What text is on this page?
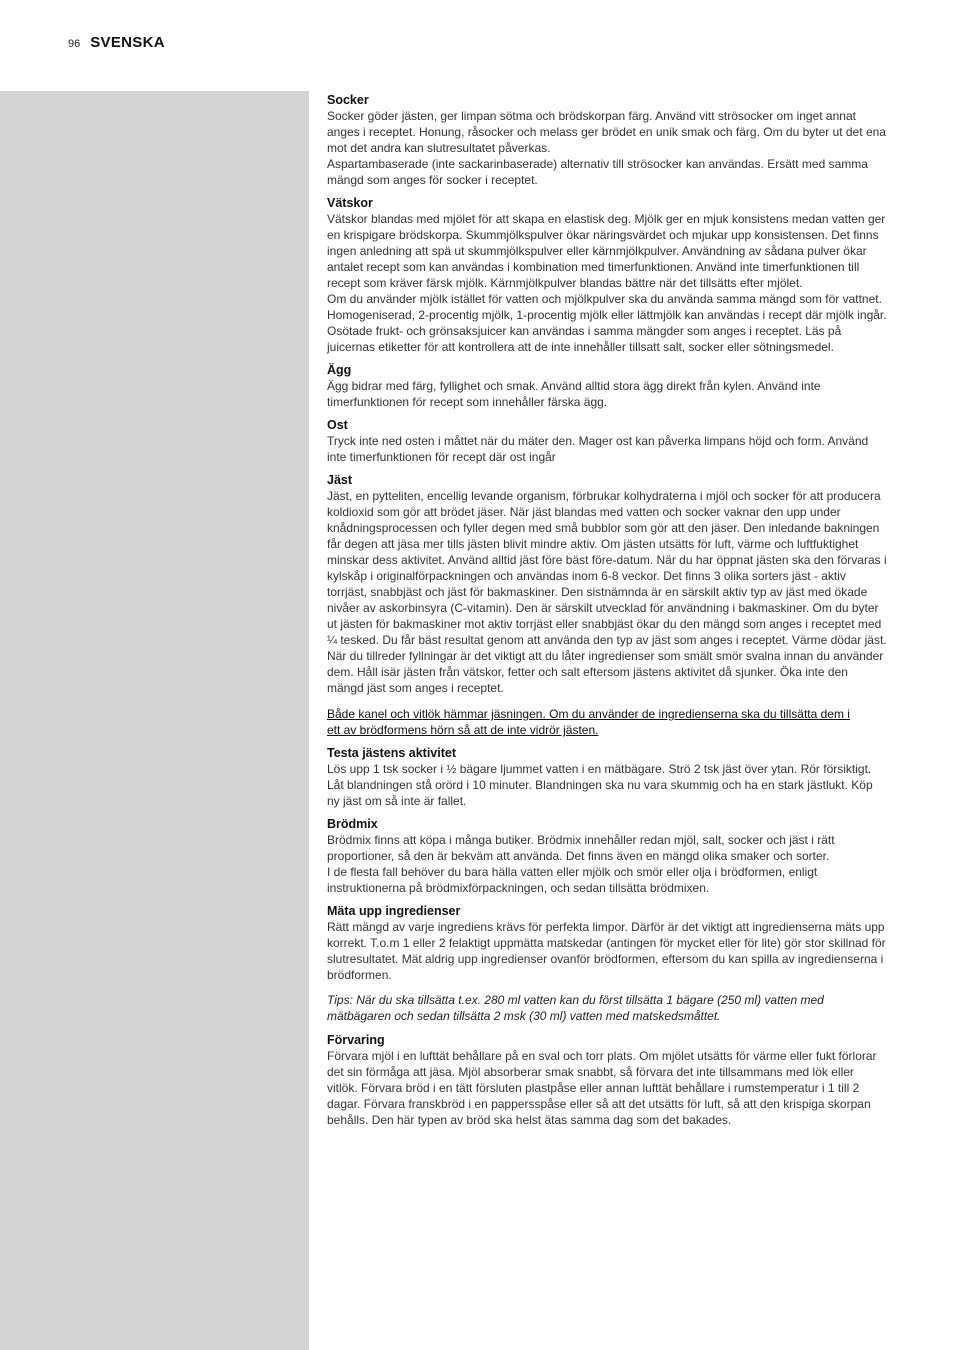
96 SVENSKA
Socker

Socker göder jästen, ger limpan sötma och brödskorpan färg. Använd vitt strösocker om inget annat anges i receptet. Honung, råsocker och melass ger brödet en unik smak och färg. Om du byter ut det ena mot det andra kan slutresultatet påverkas.

Aspartambaserade (inte sackarinbaserade) alternativ till strösocker kan användas. Ersätt med samma mängd som anges för socker i receptet.

Vätskor

Vätskor blandas med mjölet för att skapa en elastisk deg. Mjölk ger en mjuk konsistens medan vatten ger en krispigare brödskorpa. Skummjölkspulver ökar näringsvärdet och mjukar upp konsistensen. Det finns ingen anledning att spä ut skummjölkspulver eller kärnmjölkpulver. Användning av sådana pulver ökar antalet recept som kan användas i kombination med timerfunktionen. Använd inte timerfunktionen till recept som kräver färsk mjölk. Kärnmjölkpulver blandas bättre när det tillsätts efter mjölet.

Om du använder mjölk istället för vatten och mjölkpulver ska du använda samma mängd som för vattnet. Homogeniserad, 2-procentig mjölk, 1-procentig mjölk eller lättmjölk kan användas i recept där mjölk ingår. Osötade frukt- och grönsaksjuicer kan användas i samma mängder som anges i receptet. Läs på juicernas etiketter för att kontrollera att de inte innehåller tillsatt salt, socker eller sötningsmedel.

Ägg

Ägg bidrar med färg, fyllighet och smak. Använd alltid stora ägg direkt från kylen. Använd inte timerfunktionen för recept som innehåller färska ägg.

Ost

Tryck inte ned osten i måttet när du mäter den. Mager ost kan påverka limpans höjd och form. Använd inte timerfunktionen för recept där ost ingår

Jäst

Jäst, en pytteliten, encellig levande organism, förbrukar kolhydraterna i mjöl och socker för att producera koldioxid som gör att brödet jäser. När jäst blandas med vatten och socker vaknar den upp under knådningsprocessen och fyller degen med små bubblor som gör att den jäser. Den inledande bakningen får degen att jäsa mer tills jästen blivit mindre aktiv. Om jästen utsätts för luft, värme och luftfuktighet minskar dess aktivitet. Använd alltid jäst före bäst före-datum. När du har öppnat jästen ska den förvaras i kylskåp i originalförpackningen och användas inom 6-8 veckor. Det finns 3 olika sorters jäst - aktiv torrjäst, snabbjäst och jäst för bakmaskiner. Den sistnämnda är en särskilt aktiv typ av jäst med ökade nivåer av askorbinsyra (C-vitamin). Den är särskilt utvecklad för användning i bakmaskiner. Om du byter ut jästen för bakmaskiner mot aktiv torrjäst eller snabbjäst ökar du den mängd som anges i receptet med ¼ tesked. Du får bäst resultat genom att använda den typ av jäst som anges i receptet. Värme dödar jäst. När du tillreder fyllningar är det viktigt att du låter ingredienser som smält smör svalna innan du använder dem. Håll isär jästen från vätskor, fetter och salt eftersom jästens aktivitet då sjunker. Öka inte den mängd jäst som anges i receptet.

Både kanel och vitlök hämmar jäsningen. Om du använder de ingredienserna ska du tillsätta dem i ett av brödformens hörn så att de inte vidrör jästen.

Testa jästens aktivitet

Lös upp 1 tsk socker i ½ bägare ljummet vatten i en mätbägare. Strö 2 tsk jäst över ytan. Rör försiktigt. Låt blandningen stå orörd i 10 minuter. Blandningen ska nu vara skummig och ha en stark jästlukt. Köp ny jäst om så inte är fallet.

Brödmix

Brödmix finns att köpa i många butiker. Brödmix innehåller redan mjöl, salt, socker och jäst i rätt proportioner, så den är bekväm att använda. Det finns även en mängd olika smaker och sorter.

I de flesta fall behöver du bara hälla vatten eller mjölk och smör eller olja i brödformen, enligt instruktionerna på brödmixförpackningen, och sedan tillsätta brödmixen.

Mäta upp ingredienser

Rätt mängd av varje ingrediens krävs för perfekta limpor. Därför är det viktigt att ingredienserna mäts upp korrekt. T.o.m 1 eller 2 felaktigt uppmätta matskedar (antingen för mycket eller för lite) gör stor skillnad för slutresultatet. Mät aldrig upp ingredienser ovanför brödformen, eftersom du kan spilla av ingredienserna i brödformen.

Tips: När du ska tillsätta t.ex. 280 ml vatten kan du först tillsätta 1 bägare (250 ml) vatten med mätbägaren och sedan tillsätta 2 msk (30 ml) vatten med matskedsmåttet.

Förvaring

Förvara mjöl i en lufttät behållare på en sval och torr plats. Om mjölet utsätts för värme eller fukt förlorar det sin förmåga att jäsa. Mjöl absorberar smak snabbt, så förvara det inte tillsammans med lök eller vitlök. Förvara bröd i en tätt försluten plastpåse eller annan lufttät behållare i rumstemperatur i 1 till 2 dagar. Förvara franskbröd i en pappersspåse eller så att det utsätts för luft, så att den krispiga skorpan behålls. Den här typen av bröd ska helst ätas samma dag som det bakades.
